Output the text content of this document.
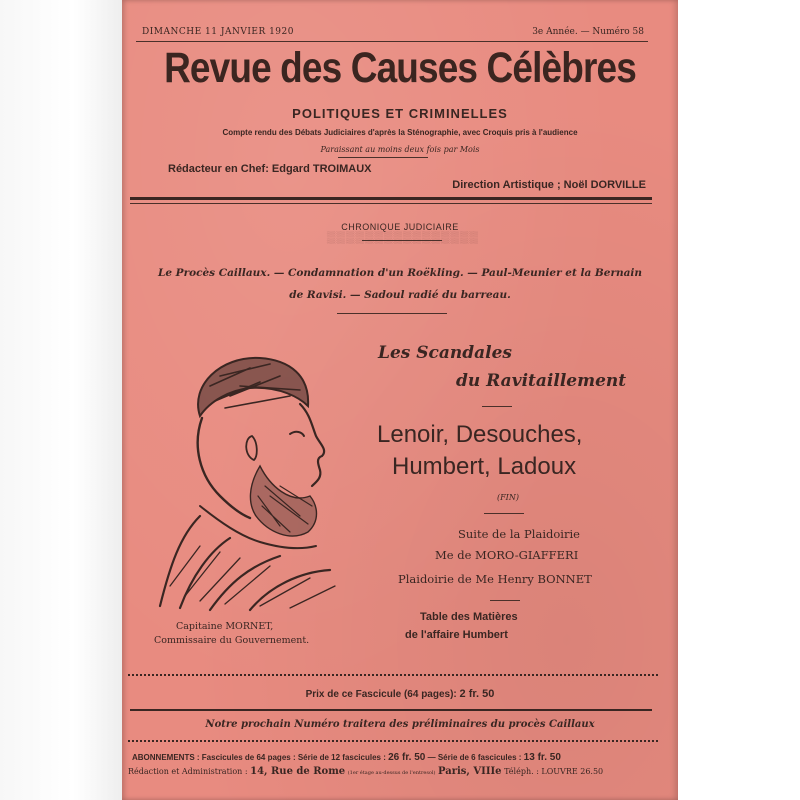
▒▒▒▒▒▒▒▒▒▒▒▒▒▒▒▒
DIMANCHE 11 JANVIER 1920	3e Année. — Numéro 58
Revue des Causes Célèbres
POLITIQUES ET CRIMINELLES
Compte rendu des Débats Judiciaires d'après la Sténographie, avec Croquis pris à l'audience
Paraissant au moins deux fois par Mois
Rédacteur en Chef: Edgard TROIMAUX
Direction Artistique ; Noël DORVILLE
CHRONIQUE JUDICIAIRE
Le Procès Caillaux. — Condamnation d'un Roëkling. — Paul-Meunier et la Bernain
de Ravisi. — Sadoul radié du barreau.
Capitaine MORNET,
Commissaire du Gouvernement.
Les Scandales
du Ravitaillement
Lenoir, Desouches,
Humbert, Ladoux
(FIN)
Suite de la Plaidoirie
Me de MORO-GIAFFERI
Plaidoirie de Me Henry BONNET
Table des Matières
de l'affaire Humbert
Prix de ce Fascicule (64 pages): 2 fr. 50
Notre prochain Numéro traitera des préliminaires du procès Caillaux
ABONNEMENTS : Fascicules de 64 pages : Série de 12 fascicules : 26 fr. 50 — Série de 6 fascicules : 13 fr. 50
Rédaction et Administration : 14, Rue de Rome (1er étage au-dessus de l'entresol) Paris, VIIIe Téléph. : LOUVRE 26.50
